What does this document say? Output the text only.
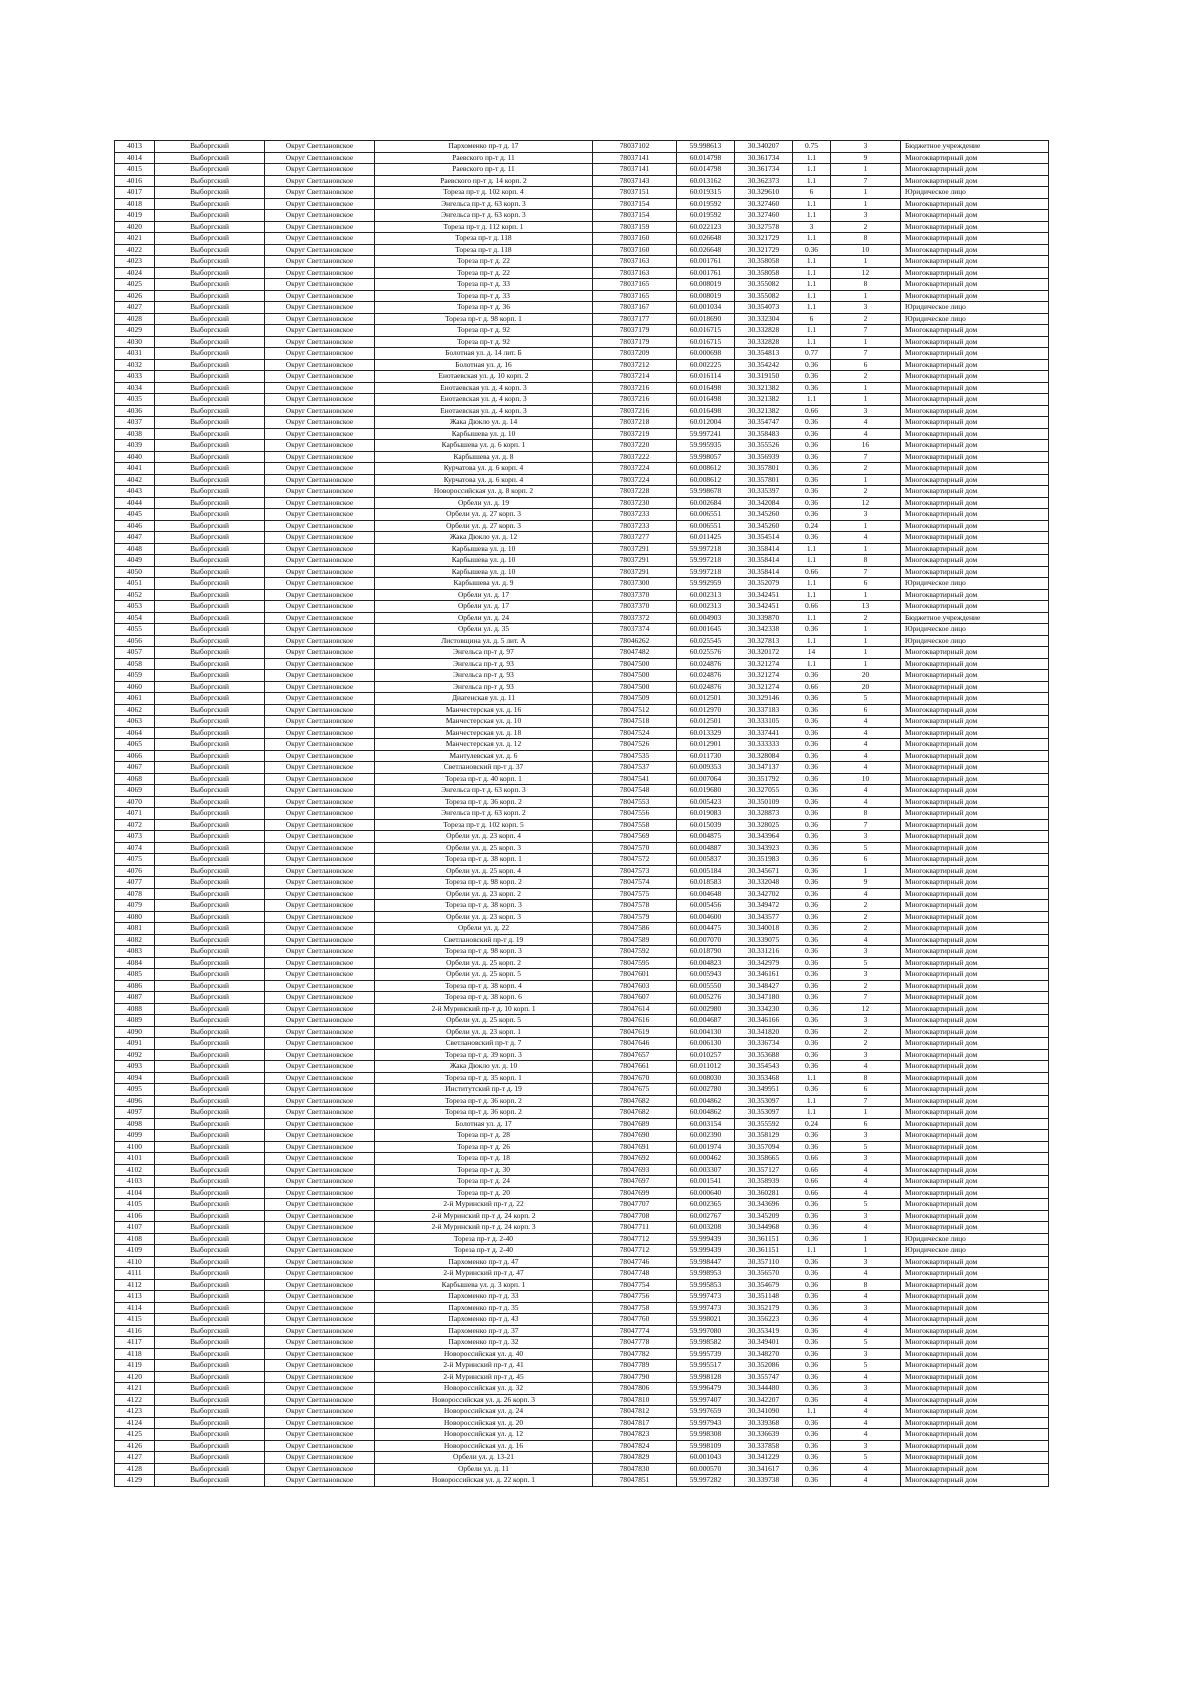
4013	Выборгский	Округ Светлановское	Пархоменко пр-т д. 17	78037102	59.998613	30.340207	0.75	3	Бюджетное учреждение
4014	Выборгский	Округ Светлановское	Раевского пр-т д. 11	78037141	60.014798	30.361734	1.1	9	Многоквартирный дом
4015	Выборгский	Округ Светлановское	Раевского пр-т д. 11	78037141	60.014798	30.361734	1.1	1	Многоквартирный дом
4016	Выборгский	Округ Светлановское	Раевского пр-т д. 14 корп. 2	78037143	60.013162	30.362373	1.1	7	Многоквартирный дом
4017	Выборгский	Округ Светлановское	Тореза пр-т д. 102 корп. 4	78037151	60.019315	30.329610	6	1	Юридическое лицо
4018	Выборгский	Округ Светлановское	Энгельса пр-т д. 63 корп. 3	78037154	60.019592	30.327460	1.1	1	Многоквартирный дом
4019	Выборгский	Округ Светлановское	Энгельса пр-т д. 63 корп. 3	78037154	60.019592	30.327460	1.1	3	Многоквартирный дом
4020	Выборгский	Округ Светлановское	Тореза пр-т д. 112 корп. 1	78037159	60.022123	30.327578	3	2	Многоквартирный дом
4021	Выборгский	Округ Светлановское	Тореза пр-т д. 118	78037160	60.026648	30.321729	1.1	8	Многоквартирный дом
4022	Выборгский	Округ Светлановское	Тореза пр-т д. 118	78037160	60.026648	30.321729	0.36	10	Многоквартирный дом
4023	Выборгский	Округ Светлановское	Тореза пр-т д. 22	78037163	60.001761	30.358058	1.1	1	Многоквартирный дом
4024	Выборгский	Округ Светлановское	Тореза пр-т д. 22	78037163	60.001761	30.358058	1.1	12	Многоквартирный дом
4025	Выборгский	Округ Светлановское	Тореза пр-т д. 33	78037165	60.008019	30.355082	1.1	8	Многоквартирный дом
4026	Выборгский	Округ Светлановское	Тореза пр-т д. 33	78037165	60.008019	30.355082	1.1	1	Многоквартирный дом
4027	Выборгский	Округ Светлановское	Тореза пр-т д. 36	78037167	60.001034	30.354073	1.1	3	Юридическое лицо
4028	Выборгский	Округ Светлановское	Тореза пр-т д. 98 корп. 1	78037177	60.018690	30.332304	6	2	Юридическое лицо
4029	Выборгский	Округ Светлановское	Тореза пр-т д. 92	78037179	60.016715	30.332828	1.1	7	Многоквартирный дом
4030	Выборгский	Округ Светлановское	Тореза пр-т д. 92	78037179	60.016715	30.332828	1.1	1	Многоквартирный дом
4031	Выборгский	Округ Светлановское	Болотная ул. д. 14 лит. Б	78037209	60.000698	30.354813	0.77	7	Многоквартирный дом
4032	Выборгский	Округ Светлановское	Болотная ул. д. 16	78037212	60.002225	30.354242	0.36	6	Многоквартирный дом
4033	Выборгский	Округ Светлановское	Енотаевская ул. д. 10 корп. 2	78037214	60.016114	30.319150	0.36	2	Многоквартирный дом
4034	Выборгский	Округ Светлановское	Енотаевская ул. д. 4 корп. 3	78037216	60.016498	30.321382	0.36	1	Многоквартирный дом
4035	Выборгский	Округ Светлановское	Енотаевская ул. д. 4 корп. 3	78037216	60.016498	30.321382	1.1	1	Многоквартирный дом
4036	Выборгский	Округ Светлановское	Енотаевская ул. д. 4 корп. 3	78037216	60.016498	30.321382	0.66	3	Многоквартирный дом
4037	Выборгский	Округ Светлановское	Жака Дюкло ул. д. 14	78037218	60.012004	30.354747	0.36	4	Многоквартирный дом
4038	Выборгский	Округ Светлановское	Карбышева ул. д. 10	78037219	59.997241	30.358483	0.36	4	Многоквартирный дом
4039	Выборгский	Округ Светлановское	Карбышева ул. д. 6 корп. 1	78037220	59.995935	30.355526	0.36	16	Многоквартирный дом
4040	Выборгский	Округ Светлановское	Карбышева ул. д. 8	78037222	59.998057	30.356939	0.36	7	Многоквартирный дом
4041	Выборгский	Округ Светлановское	Курчатова ул. д. 6 корп. 4	78037224	60.008612	30.357801	0.36	2	Многоквартирный дом
4042	Выборгский	Округ Светлановское	Курчатова ул. д. 6 корп. 4	78037224	60.008612	30.357801	0.36	1	Многоквартирный дом
4043	Выборгский	Округ Светлановское	Новороссийская ул. д. 8 корп. 2	78037228	59.998678	30.335397	0.36	2	Многоквартирный дом
4044	Выборгский	Округ Светлановское	Орбели ул. д. 19	78037230	60.002684	30.342084	0.36	12	Многоквартирный дом
4045	Выборгский	Округ Светлановское	Орбели ул. д. 27 корп. 3	78037233	60.006551	30.345260	0.36	3	Многоквартирный дом
4046	Выборгский	Округ Светлановское	Орбели ул. д. 27 корп. 3	78037233	60.006551	30.345260	0.24	1	Многоквартирный дом
4047	Выборгский	Округ Светлановское	Жака Дюкло ул. д. 12	78037277	60.011425	30.354514	0.36	4	Многоквартирный дом
4048	Выборгский	Округ Светлановское	Карбышева ул. д. 10	78037291	59.997218	30.358414	1.1	1	Многоквартирный дом
4049	Выборгский	Округ Светлановское	Карбышева ул. д. 10	78037291	59.997218	30.358414	1.1	8	Многоквартирный дом
4050	Выборгский	Округ Светлановское	Карбышева ул. д. 10	78037291	59.997218	30.358414	0.66	7	Многоквартирный дом
4051	Выборгский	Округ Светлановское	Карбышева ул. д. 9	78037300	59.992959	30.352079	1.1	6	Юридическое лицо
4052	Выборгский	Округ Светлановское	Орбели ул. д. 17	78037370	60.002313	30.342451	1.1	1	Многоквартирный дом
4053	Выборгский	Округ Светлановское	Орбели ул. д. 17	78037370	60.002313	30.342451	0.66	13	Многоквартирный дом
4054	Выборгский	Округ Светлановское	Орбели ул. д. 24	78037372	60.004903	30.339870	1.1	2	Бюджетное учреждение
4055	Выборгский	Округ Светлановское	Орбели ул. д. 35	78037374	60.001645	30.342338	0.36	1	Юридическое лицо
4056	Выборгский	Округ Светлановское	Листовщина ул. д. 5 лит. А	78046262	60.025545	30.327813	1.1	1	Юридическое лицо
4057	Выборгский	Округ Светлановское	Энгельса пр-т д. 97	78047482	60.025576	30.320172	14	1	Многоквартирный дом
4058	Выборгский	Округ Светлановское	Энгельса пр-т д. 93	78047500	60.024876	30.321274	1.1	1	Многоквартирный дом
4059	Выборгский	Округ Светлановское	Энгельса пр-т д. 93	78047500	60.024876	30.321274	0.36	20	Многоквартирный дом
4060	Выборгский	Округ Светлановское	Энгельса пр-т д. 93	78047500	60.024876	30.321274	0.66	20	Многоквартирный дом
4061	Выборгский	Округ Светлановское	Диагенская ул. д. 11	78047509	60.012501	30.329146	0.36	5	Многоквартирный дом
4062	Выборгский	Округ Светлановское	Манчестерская ул. д. 16	78047512	60.012970	30.337183	0.36	6	Многоквартирный дом
4063	Выборгский	Округ Светлановское	Манчестерская ул. д. 10	78047518	60.012501	30.333105	0.36	4	Многоквартирный дом
4064	Выборгский	Округ Светлановское	Манчестерская ул. д. 18	78047524	60.013329	30.337441	0.36	4	Многоквартирный дом
4065	Выборгский	Округ Светлановское	Манчестерская ул. д. 12	78047526	60.012901	30.333333	0.36	4	Многоквартирный дом
4066	Выборгский	Округ Светлановское	Мантулевская ул. д. 6	78047535	60.011730	30.328084	0.36	4	Многоквартирный дом
4067	Выборгский	Округ Светлановское	Светлановский пр-т д. 37	78047537	60.009353	30.347137	0.36	4	Многоквартирный дом
4068	Выборгский	Округ Светлановское	Тореза пр-т д. 40 корп. 1	78047541	60.007064	30.351792	0.36	10	Многоквартирный дом
4069	Выборгский	Округ Светлановское	Энгельса пр-т д. 63 корп. 3	78047548	60.019680	30.327055	0.36	4	Многоквартирный дом
4070	Выборгский	Округ Светлановское	Тореза пр-т д. 36 корп. 2	78047553	60.005423	30.350109	0.36	4	Многоквартирный дом
4071	Выборгский	Округ Светлановское	Энгельса пр-т д. 63 корп. 2	78047556	60.019083	30.328873	0.36	8	Многоквартирный дом
4072	Выборгский	Округ Светлановское	Тореза пр-т д. 102 корп. 5	78047558	60.015039	30.328025	0.36	7	Многоквартирный дом
4073	Выборгский	Округ Светлановское	Орбели ул. д. 23 корп. 4	78047569	60.004875	30.343964	0.36	3	Многоквартирный дом
4074	Выборгский	Округ Светлановское	Орбели ул. д. 25 корп. 3	78047570	60.004887	30.343923	0.36	5	Многоквартирный дом
4075	Выборгский	Округ Светлановское	Тореза пр-т д. 38 корп. 1	78047572	60.005837	30.351983	0.36	6	Многоквартирный дом
4076	Выборгский	Округ Светлановское	Орбели ул. д. 25 корп. 4	78047573	60.005184	30.345671	0.36	1	Многоквартирный дом
4077	Выборгский	Округ Светлановское	Тореза пр-т д. 98 корп. 2	78047574	60.018583	30.332048	0.36	9	Многоквартирный дом
4078	Выборгский	Округ Светлановское	Орбели ул. д. 23 корп. 2	78047575	60.004648	30.342702	0.36	4	Многоквартирный дом
4079	Выборгский	Округ Светлановское	Тореза пр-т д. 38 корп. 3	78047578	60.005456	30.349472	0.36	2	Многоквартирный дом
4080	Выборгский	Округ Светлановское	Орбели ул. д. 23 корп. 3	78047579	60.004600	30.343577	0.36	2	Многоквартирный дом
4081	Выборгский	Округ Светлановское	Орбели ул. д. 22	78047586	60.004475	30.340018	0.36	2	Многоквартирный дом
4082	Выборгский	Округ Светлановское	Светлановский пр-т д. 19	78047589	60.007070	30.339075	0.36	4	Многоквартирный дом
4083	Выборгский	Округ Светлановское	Тореза пр-т д. 98 корп. 3	78047592	60.018790	30.331216	0.36	3	Многоквартирный дом
4084	Выборгский	Округ Светлановское	Орбели ул. д. 25 корп. 2	78047595	60.004823	30.342979	0.36	5	Многоквартирный дом
4085	Выборгский	Округ Светлановское	Орбели ул. д. 25 корп. 5	78047601	60.005943	30.346161	0.36	3	Многоквартирный дом
4086	Выборгский	Округ Светлановское	Тореза пр-т д. 38 корп. 4	78047603	60.005550	30.348427	0.36	2	Многоквартирный дом
4087	Выборгский	Округ Светлановское	Тореза пр-т д. 38 корп. 6	78047607	60.005276	30.347180	0.36	7	Многоквартирный дом
4088	Выборгский	Округ Светлановское	2-й Муринский пр-т д. 10 корп. 1	78047614	60.002980	30.334230	0.36	12	Многоквартирный дом
4089	Выборгский	Округ Светлановское	Орбели ул. д. 25 корп. 5	78047616	60.004687	30.346166	0.36	3	Многоквартирный дом
4090	Выборгский	Округ Светлановское	Орбели ул. д. 23 корп. 1	78047619	60.004130	30.341820	0.36	2	Многоквартирный дом
4091	Выборгский	Округ Светлановское	Светлановский пр-т д. 7	78047646	60.006130	30.336734	0.36	2	Многоквартирный дом
4092	Выборгский	Округ Светлановское	Тореза пр-т д. 39 корп. 3	78047657	60.010257	30.353688	0.36	3	Многоквартирный дом
4093	Выборгский	Округ Светлановское	Жака Дюкло ул. д. 10	78047661	60.011012	30.354543	0.36	4	Многоквартирный дом
4094	Выборгский	Округ Светлановское	Тореза пр-т д. 35 корп. 1	78047670	60.008030	30.353468	1.1	8	Многоквартирный дом
4095	Выборгский	Округ Светлановское	Институтский пр-т д. 19	78047675	60.002780	30.349951	0.36	6	Многоквартирный дом
4096	Выборгский	Округ Светлановское	Тореза пр-т д. 36 корп. 2	78047682	60.004862	30.353097	1.1	7	Многоквартирный дом
4097	Выборгский	Округ Светлановское	Тореза пр-т д. 36 корп. 2	78047682	60.004862	30.353097	1.1	1	Многоквартирный дом
4098	Выборгский	Округ Светлановское	Болотная ул. д. 17	78047689	60.003154	30.355592	0.24	6	Многоквартирный дом
4099	Выборгский	Округ Светлановское	Тореза пр-т д. 28	78047690	60.002390	30.358129	0.36	3	Многоквартирный дом
4100	Выборгский	Округ Светлановское	Тореза пр-т д. 26	78047691	60.001974	30.357094	0.36	5	Многоквартирный дом
4101	Выборгский	Округ Светлановское	Тореза пр-т д. 18	78047692	60.000462	30.358665	0.66	3	Многоквартирный дом
4102	Выборгский	Округ Светлановское	Тореза пр-т д. 30	78047693	60.003307	30.357127	0.66	4	Многоквартирный дом
4103	Выборгский	Округ Светлановское	Тореза пр-т д. 24	78047697	60.001541	30.358939	0.66	4	Многоквартирный дом
4104	Выборгский	Округ Светлановское	Тореза пр-т д. 20	78047699	60.000640	30.360281	0.66	4	Многоквартирный дом
4105	Выборгский	Округ Светлановское	2-й Муринский пр-т д. 22	78047707	60.002365	30.343696	0.36	5	Многоквартирный дом
4106	Выборгский	Округ Светлановское	2-й Муринский пр-т д. 24 корп. 2	78047708	60.002767	30.345209	0.36	3	Многоквартирный дом
4107	Выборгский	Округ Светлановское	2-й Муринский пр-т д. 24 корп. 3	78047711	60.003208	30.344968	0.36	4	Многоквартирный дом
4108	Выборгский	Округ Светлановское	Тореза пр-т д. 2-40	78047712	59.999439	30.361151	0.36	1	Юридическое лицо
4109	Выборгский	Округ Светлановское	Тореза пр-т д. 2-40	78047712	59.999439	30.361151	1.1	1	Юридическое лицо
4110	Выборгский	Округ Светлановское	Пархоменко пр-т д. 47	78047746	59.998447	30.357110	0.36	3	Многоквартирный дом
4111	Выборгский	Округ Светлановское	2-й Муринский пр-т д. 47	78047748	59.998953	30.356570	0.36	4	Многоквартирный дом
4112	Выборгский	Округ Светлановское	Карбышева ул. д. 3 корп. 1	78047754	59.995853	30.354679	0.36	8	Многоквартирный дом
4113	Выборгский	Округ Светлановское	Пархоменко пр-т д. 33	78047756	59.997473	30.351148	0.36	4	Многоквартирный дом
4114	Выборгский	Округ Светлановское	Пархоменко пр-т д. 35	78047758	59.997473	30.352179	0.36	3	Многоквартирный дом
4115	Выборгский	Округ Светлановское	Пархоменко пр-т д. 43	78047760	59.998021	30.356223	0.36	4	Многоквартирный дом
4116	Выборгский	Округ Светлановское	Пархоменко пр-т д. 37	78047774	59.997080	30.353419	0.36	4	Многоквартирный дом
4117	Выборгский	Округ Светлановское	Пархоменко пр-т д. 32	78047778	59.998582	30.349401	0.36	5	Многоквартирный дом
4118	Выборгский	Округ Светлановское	Новороссийская ул. д. 40	78047782	59.995739	30.348270	0.36	3	Многоквартирный дом
4119	Выборгский	Округ Светлановское	2-й Муринский пр-т д. 41	78047789	59.995517	30.352086	0.36	5	Многоквартирный дом
4120	Выборгский	Округ Светлановское	2-й Муринский пр-т д. 45	78047790	59.998128	30.355747	0.36	4	Многоквартирный дом
4121	Выборгский	Округ Светлановское	Новороссийская ул. д. 32	78047806	59.996479	30.344480	0.36	3	Многоквартирный дом
4122	Выборгский	Округ Светлановское	Новороссийская ул. д. 26 корп. 3	78047810	59.997407	30.342207	0.36	4	Многоквартирный дом
4123	Выборгский	Округ Светлановское	Новороссийская ул. д. 24	78047812	59.997659	30.341090	1.1	4	Многоквартирный дом
4124	Выборгский	Округ Светлановское	Новороссийская ул. д. 20	78047817	59.997943	30.339368	0.36	4	Многоквартирный дом
4125	Выборгский	Округ Светлановское	Новороссийская ул. д. 12	78047823	59.998308	30.336639	0.36	4	Многоквартирный дом
4126	Выборгский	Округ Светлановское	Новороссийская ул. д. 16	78047824	59.998109	30.337858	0.36	3	Многоквартирный дом
4127	Выборгский	Округ Светлановское	Орбели ул. д. 13-21	78047829	60.001043	30.341229	0.36	5	Многоквартирный дом
4128	Выборгский	Округ Светлановское	Орбели ул. д. 11	78047830	60.000570	30.341617	0.36	4	Многоквартирный дом
4129	Выборгский	Округ Светлановское	Новороссийская ул. д. 22 корп. 1	78047851	59.997282	30.339738	0.36	4	Многоквартирный дом
